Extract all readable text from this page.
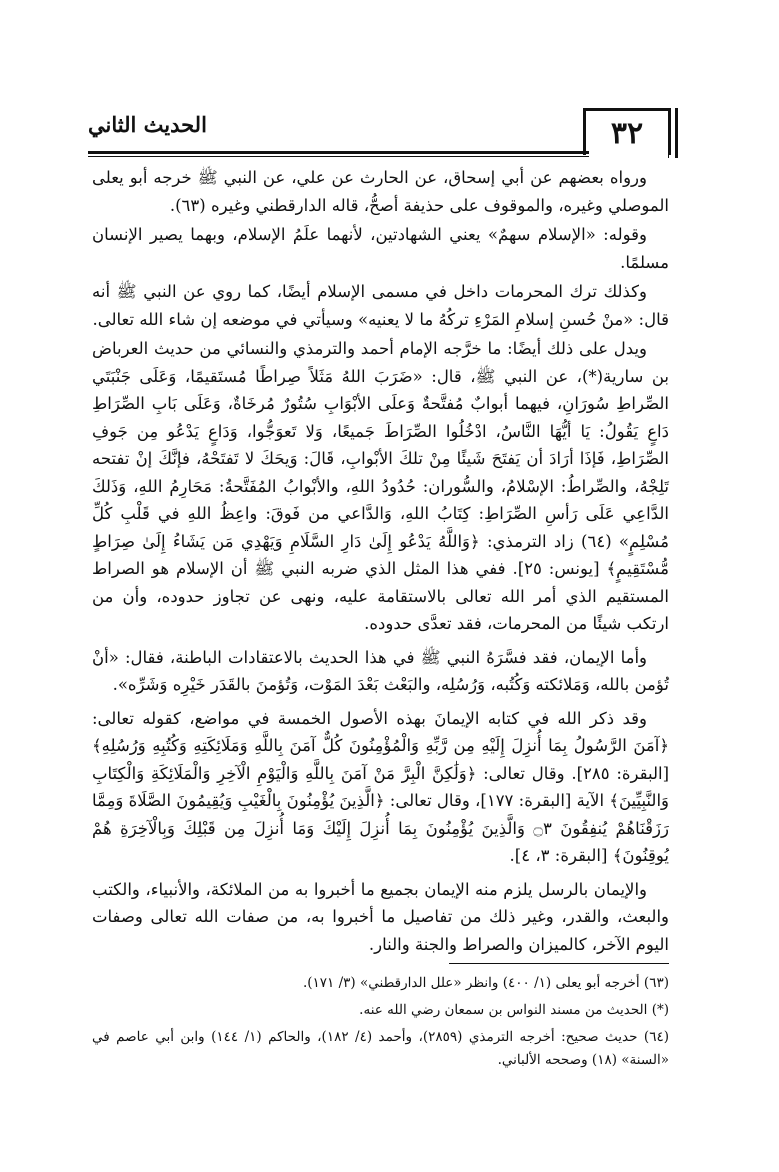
٣٢
الحديث الثاني

ورواه بعضهم عن أبي إسحاق، عن الحارث عن علي، عن النبي ﷺ خرجه أبو يعلى الموصلي وغيره، والموقوف على حذيفة أصحُّ، قاله الدارقطني وغيره (٦٣).

وقوله: «الإسلام سهمٌ» يعني الشهادتين، لأنهما علَمُ الإسلام، وبهما يصير الإنسان مسلمًا.

وكذلك ترك المحرمات داخل في مسمى الإسلام أيضًا، كما روي عن النبي ﷺ أنه قال: «منْ حُسنِ إسلامِ المَرْءِ تركُهُ ما لا يعنيه» وسيأتي في موضعه إن شاء الله تعالى.

ويدل على ذلك أيضًا: ما خرَّجه الإمام أحمد والترمذي والنسائي من حديث العرباض بن سارية(*)، عن النبي ﷺ، قال: «ضَرَبَ اللهُ مَثَلاً صِراطًا مُستَقيمًا، وَعَلَى جَنْبَتَي الصِّراطِ سُورَانِ، فيهما أبوابٌ مُفتَّحةٌ وَعلَى الأبْوَابِ سُتُورٌ مُرخَاةٌ، وَعَلَى بَابِ الصِّرَاطِ دَاعٍ يَقُولُ: يَا أيُّهَا النَّاسُ، ادْخُلُوا الصِّرَاطَ جَميعًا، وَلا تَعوَجُّوا، وَدَاعٍ يَدْعُو مِن جَوفِ الصِّرَاطِ، فَإذَا أرَادَ أن يَفتَحَ شَيئًا مِنْ تلكَ الأبْوابِ، قَالَ: وَيحَكَ لا تَفتَحْهُ، فإنَّكَ إنْ تفتحه تَلِجْهُ، والصِّراطُ: الإسْلامُ، والسُّوران: حُدُودُ اللهِ، والأبْوابُ المُفَتَّحةُ: مَحَارِمُ اللهِ، وَذَلكَ الدَّاعِي عَلَى رَأسِ الصِّرَاطِ: كِتَابُ اللهِ، وَالدَّاعي من فَوقَ: واعِظُ اللهِ في قَلْبِ كُلِّ مُسْلِمٍ» (٦٤) زاد الترمذي: ﴿وَاللَّهُ يَدْعُو إِلَىٰ دَارِ السَّلَامِ وَيَهْدِي مَن يَشَاءُ إِلَىٰ صِرَاطٍ مُّسْتَقِيمٍ﴾ [يونس: ٢٥]. ففي هذا المثل الذي ضربه النبي ﷺ أن الإسلام هو الصراط المستقيم الذي أمر الله تعالى بالاستقامة عليه، ونهى عن تجاوز حدوده، وأن من ارتكب شيئًا من المحرمات، فقد تعدَّى حدوده.

وأما الإيمان، فقد فسَّرَهُ النبي ﷺ في هذا الحديث بالاعتقادات الباطنة، فقال: «أنْ تُؤمن بالله، وَمَلائكته وَكُتُبه، وَرُسُلِه، والبَعْث بَعْدَ المَوْت، وَتُؤمنَ بالقَدَر خَيْرِه وَشَرِّه».

وقد ذكر الله في كتابه الإيمانَ بهذه الأصول الخمسة في مواضع، كقوله تعالى: ﴿آمَنَ الرَّسُولُ بِمَا أُنزِلَ إِلَيْهِ مِن رَّبِّهِ وَالْمُؤْمِنُونَ كُلٌّ آمَنَ بِاللَّهِ وَمَلَائِكَتِهِ وَكُتُبِهِ وَرُسُلِهِ﴾ [البقرة: ٢٨٥]. وقال تعالى: ﴿وَلَٰكِنَّ الْبِرَّ مَنْ آمَنَ بِاللَّهِ وَالْيَوْمِ الْآخِرِ وَالْمَلَائِكَةِ وَالْكِتَابِ وَالنَّبِيِّينَ﴾ الآية [البقرة: ١٧٧]، وقال تعالى: ﴿الَّذِينَ يُؤْمِنُونَ بِالْغَيْبِ وَيُقِيمُونَ الصَّلَاةَ وَمِمَّا رَزَقْنَاهُمْ يُنفِقُونَ ۝٣ وَالَّذِينَ يُؤْمِنُونَ بِمَا أُنزِلَ إِلَيْكَ وَمَا أُنزِلَ مِن قَبْلِكَ وَبِالْآخِرَةِ هُمْ يُوقِنُونَ﴾ [البقرة: ٣، ٤].

والإيمان بالرسل يلزم منه الإيمان بجميع ما أخبروا به من الملائكة، والأنبياء، والكتب والبعث، والقدر، وغير ذلك من تفاصيل ما أخبروا به، من صفات الله تعالى وصفات اليوم الآخر، كالميزان والصراط والجنة والنار.

(٦٣) أخرجه أبو يعلى (١/ ٤٠٠) وانظر «علل الدارقطني» (٣/ ١٧١).

(*) الحديث من مسند النواس بن سمعان رضي الله عنه.

(٦٤) حديث صحيح: أخرجه الترمذي (٢٨٥٩)، وأحمد (٤/ ١٨٢)، والحاكم (١/ ١٤٤) وابن أبي عاصم في «السنة» (١٨) وصححه الألباني.
